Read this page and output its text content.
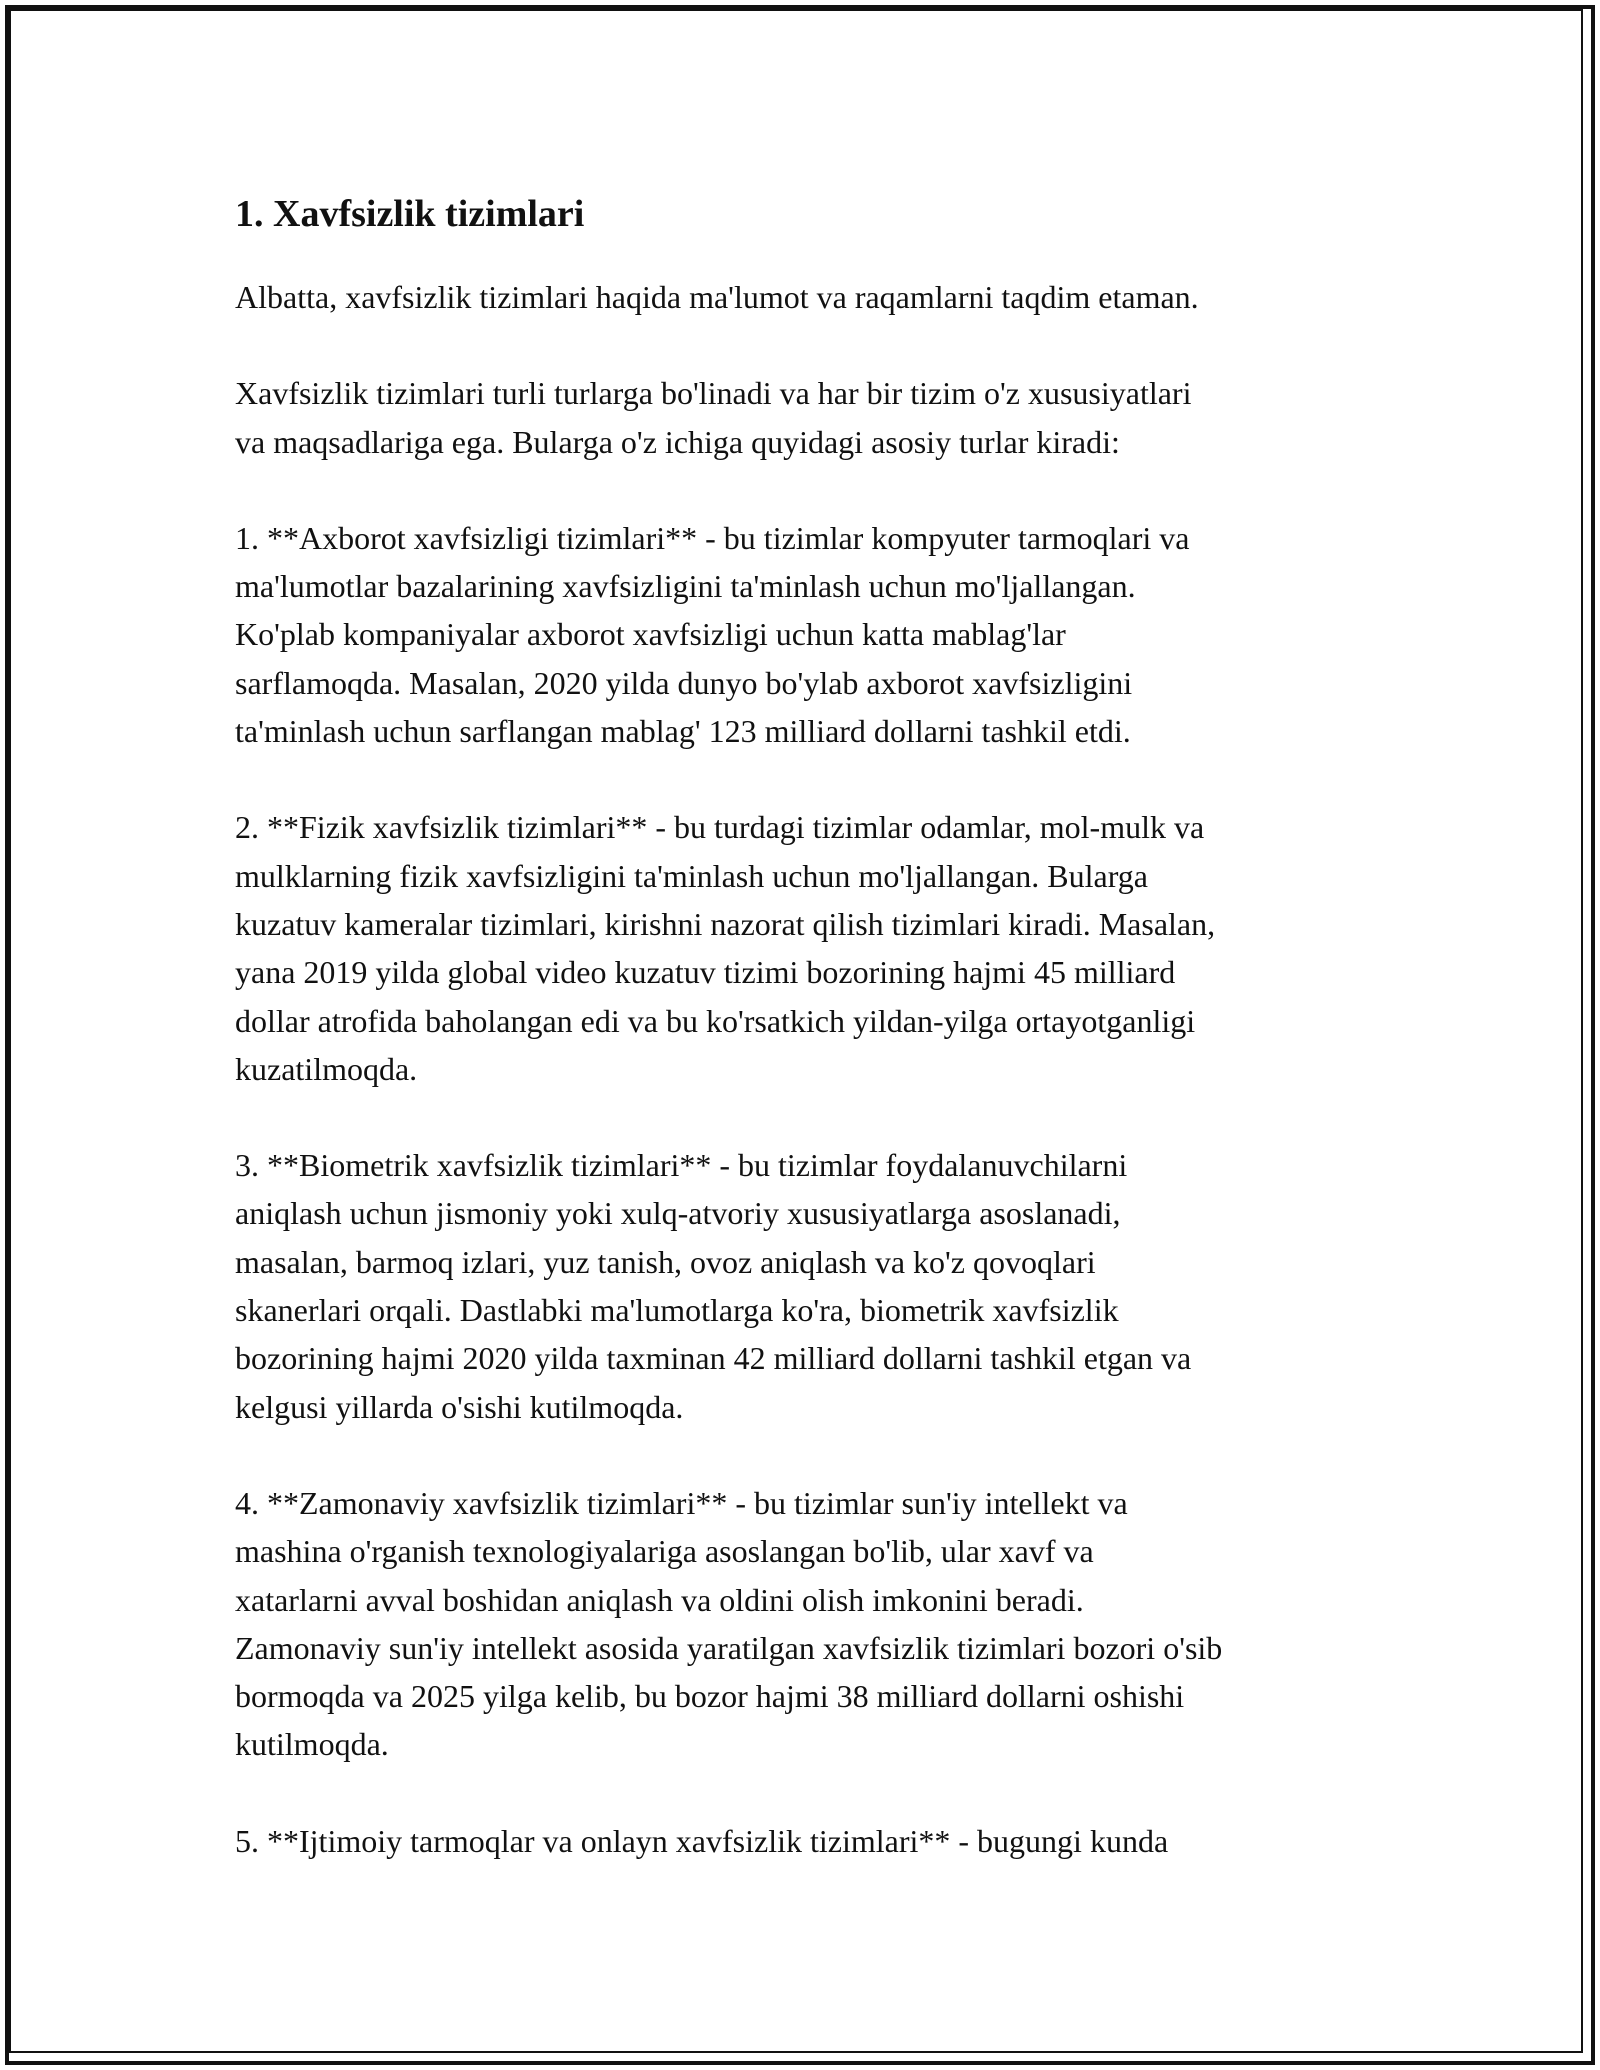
1. Xavfsizlik tizimlari

Albatta, xavfsizlik tizimlari haqida ma'lumot va raqamlarni taqdim etaman.

Xavfsizlik tizimlari turli turlarga bo'linadi va har bir tizim o'z xususiyatlari
va maqsadlariga ega. Bularga o'z ichiga quyidagi asosiy turlar kiradi:

1. **Axborot xavfsizligi tizimlari** - bu tizimlar kompyuter tarmoqlari va
ma'lumotlar bazalarining xavfsizligini ta'minlash uchun mo'ljallangan.
Ko'plab kompaniyalar axborot xavfsizligi uchun katta mablag'lar
sarflamoqda. Masalan, 2020 yilda dunyo bo'ylab axborot xavfsizligini
ta'minlash uchun sarflangan mablag' 123 milliard dollarni tashkil etdi.

2. **Fizik xavfsizlik tizimlari** - bu turdagi tizimlar odamlar, mol-mulk va
mulklarning fizik xavfsizligini ta'minlash uchun mo'ljallangan. Bularga
kuzatuv kameralar tizimlari, kirishni nazorat qilish tizimlari kiradi. Masalan,
yana 2019 yilda global video kuzatuv tizimi bozorining hajmi 45 milliard
dollar atrofida baholangan edi va bu ko'rsatkich yildan-yilga ortayotganligi
kuzatilmoqda.

3. **Biometrik xavfsizlik tizimlari** - bu tizimlar foydalanuvchilarni
aniqlash uchun jismoniy yoki xulq-atvoriy xususiyatlarga asoslanadi,
masalan, barmoq izlari, yuz tanish, ovoz aniqlash va ko'z qovoqlari
skanerlari orqali. Dastlabki ma'lumotlarga ko'ra, biometrik xavfsizlik
bozorining hajmi 2020 yilda taxminan 42 milliard dollarni tashkil etgan va
kelgusi yillarda o'sishi kutilmoqda.

4. **Zamonaviy xavfsizlik tizimlari** - bu tizimlar sun'iy intellekt va
mashina o'rganish texnologiyalariga asoslangan bo'lib, ular xavf va
xatarlarni avval boshidan aniqlash va oldini olish imkonini beradi.
Zamonaviy sun'iy intellekt asosida yaratilgan xavfsizlik tizimlari bozori o'sib
bormoqda va 2025 yilga kelib, bu bozor hajmi 38 milliard dollarni oshishi
kutilmoqda.

5. **Ijtimoiy tarmoqlar va onlayn xavfsizlik tizimlari** - bugungi kunda
